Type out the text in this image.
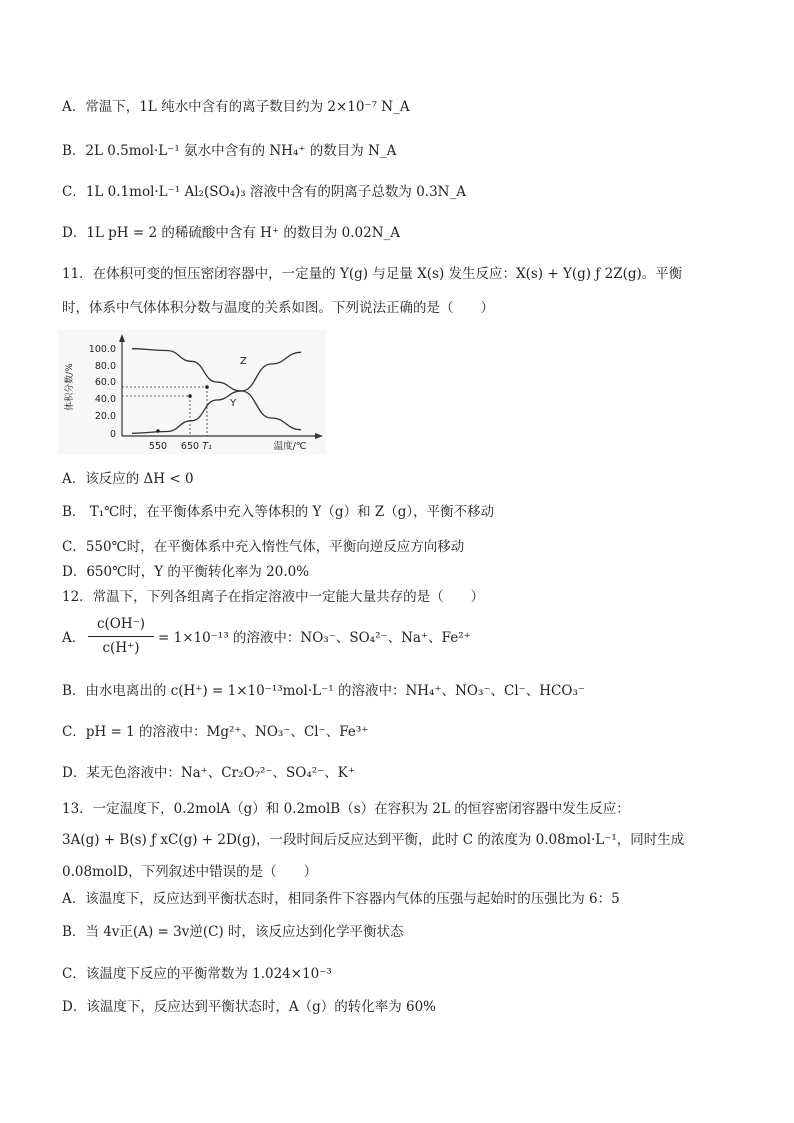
A．常温下，1L 纯水中含有的离子数目约为 2×10⁻⁷ N_A
B．2L 0.5mol·L⁻¹ 氨水中含有的 NH₄⁺ 的数目为 N_A
C．1L 0.1mol·L⁻¹ Al₂(SO₄)₃ 溶液中含有的阴离子总数为 0.3N_A
D．1L pH = 2 的稀硫酸中含有 H⁺ 的数目为 0.02N_A
11．在体积可变的恒压密闭容器中，一定量的 Y(g) 与足量 X(s) 发生反应：X(s) + Y(g) ƒ 2Z(g)。平衡
时，体系中气体体积分数与温度的关系如图。下列说法正确的是（　　）
100.0
80.0
60.0
40.0
20.0
0
体积分数/%
550 650 T₁	温度/℃
Z
Y
A．该反应的 ΔH < 0
B． T₁℃时，在平衡体系中充入等体积的 Y（g）和 Z（g），平衡不移动
C．550℃时，在平衡体系中充入惰性气体，平衡向逆反应方向移动
D．650℃时，Y 的平衡转化率为 20.0%
12．常温下，下列各组离子在指定溶液中一定能大量共存的是（　　）
A．
c(OH⁻)
c(H⁺)
= 1×10⁻¹³ 的溶液中：NO₃⁻、SO₄²⁻、Na⁺、Fe²⁺
B．由水电离出的 c(H⁺) = 1×10⁻¹³mol·L⁻¹ 的溶液中：NH₄⁺、NO₃⁻、Cl⁻、HCO₃⁻
C．pH = 1 的溶液中：Mg²⁺、NO₃⁻、Cl⁻、Fe³⁺
D．某无色溶液中：Na⁺、Cr₂O₇²⁻、SO₄²⁻、K⁺
13．一定温度下，0.2molA（g）和 0.2molB（s）在容积为 2L 的恒容密闭容器中发生反应：
3A(g) + B(s) ƒ xC(g) + 2D(g)，一段时间后反应达到平衡，此时 C 的浓度为 0.08mol·L⁻¹，同时生成
0.08molD，下列叙述中错误的是（　　）
A．该温度下，反应达到平衡状态时，相同条件下容器内气体的压强与起始时的压强比为 6：5
B．当 4v正(A) = 3v逆(C) 时，该反应达到化学平衡状态
C．该温度下反应的平衡常数为 1.024×10⁻³
D．该温度下，反应达到平衡状态时，A（g）的转化率为 60%
